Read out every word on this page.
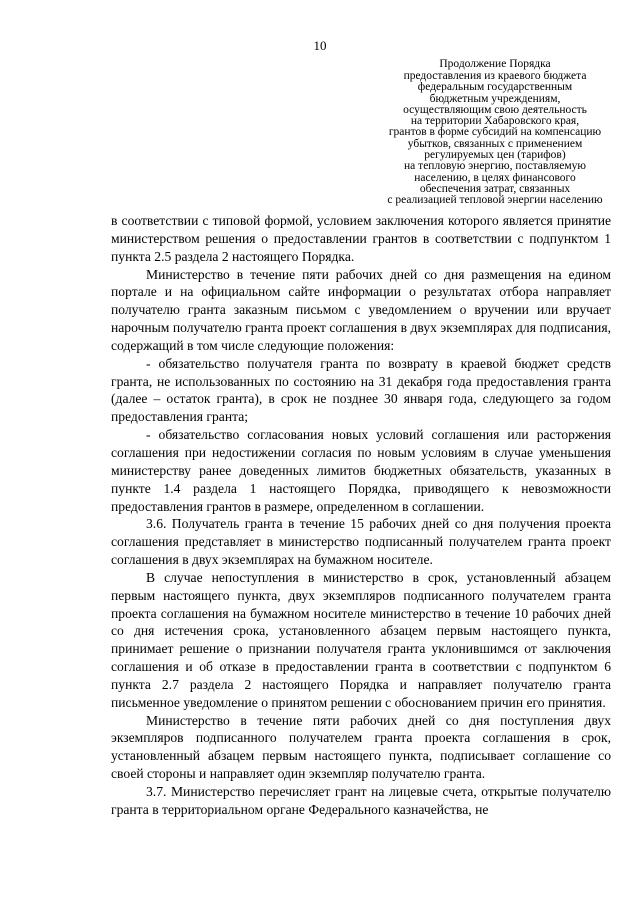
10
Продолжение Порядка
предоставления из краевого бюджета
федеральным государственным
бюджетным учреждениям,
осуществляющим свою деятельность
на территории Хабаровского края,
грантов в форме субсидий на компенсацию
убытков, связанных с применением
регулируемых цен (тарифов)
на тепловую энергию, поставляемую
населению, в целях финансового
обеспечения затрат, связанных
с реализацией тепловой энергии населению

в соответствии с типовой формой, условием заключения которого является принятие министерством решения о предоставлении грантов в соответствии с подпунктом 1 пункта 2.5 раздела 2 настоящего Порядка.

Министерство в течение пяти рабочих дней со дня размещения на едином портале и на официальном сайте информации о результатах отбора направляет получателю гранта заказным письмом с уведомлением о вручении или вручает нарочным получателю гранта проект соглашения в двух экземплярах для подписания, содержащий в том числе следующие положения:

- обязательство получателя гранта по возврату в краевой бюджет средств гранта, не использованных по состоянию на 31 декабря года предоставления гранта (далее – остаток гранта), в срок не позднее 30 января года, следующего за годом предоставления гранта;

- обязательство согласования новых условий соглашения или расторжения соглашения при недостижении согласия по новым условиям в случае уменьшения министерству ранее доведенных лимитов бюджетных обязательств, указанных в пункте 1.4 раздела 1 настоящего Порядка, приводящего к невозможности предоставления грантов в размере, определенном в соглашении.

3.6. Получатель гранта в течение 15 рабочих дней со дня получения проекта соглашения представляет в министерство подписанный получателем гранта проект соглашения в двух экземплярах на бумажном носителе.

В случае непоступления в министерство в срок, установленный абзацем первым настоящего пункта, двух экземпляров подписанного получателем гранта проекта соглашения на бумажном носителе министерство в течение 10 рабочих дней со дня истечения срока, установленного абзацем первым настоящего пункта, принимает решение о признании получателя гранта уклонившимся от заключения соглашения и об отказе в предоставлении гранта в соответствии с подпунктом 6 пункта 2.7 раздела 2 настоящего Порядка и направляет получателю гранта письменное уведомление о принятом решении с обоснованием причин его принятия.

Министерство в течение пяти рабочих дней со дня поступления двух экземпляров подписанного получателем гранта проекта соглашения в срок, установленный абзацем первым настоящего пункта, подписывает соглашение со своей стороны и направляет один экземпляр получателю гранта.

3.7. Министерство перечисляет грант на лицевые счета, открытые получателю гранта в территориальном органе Федерального казначейства, не
